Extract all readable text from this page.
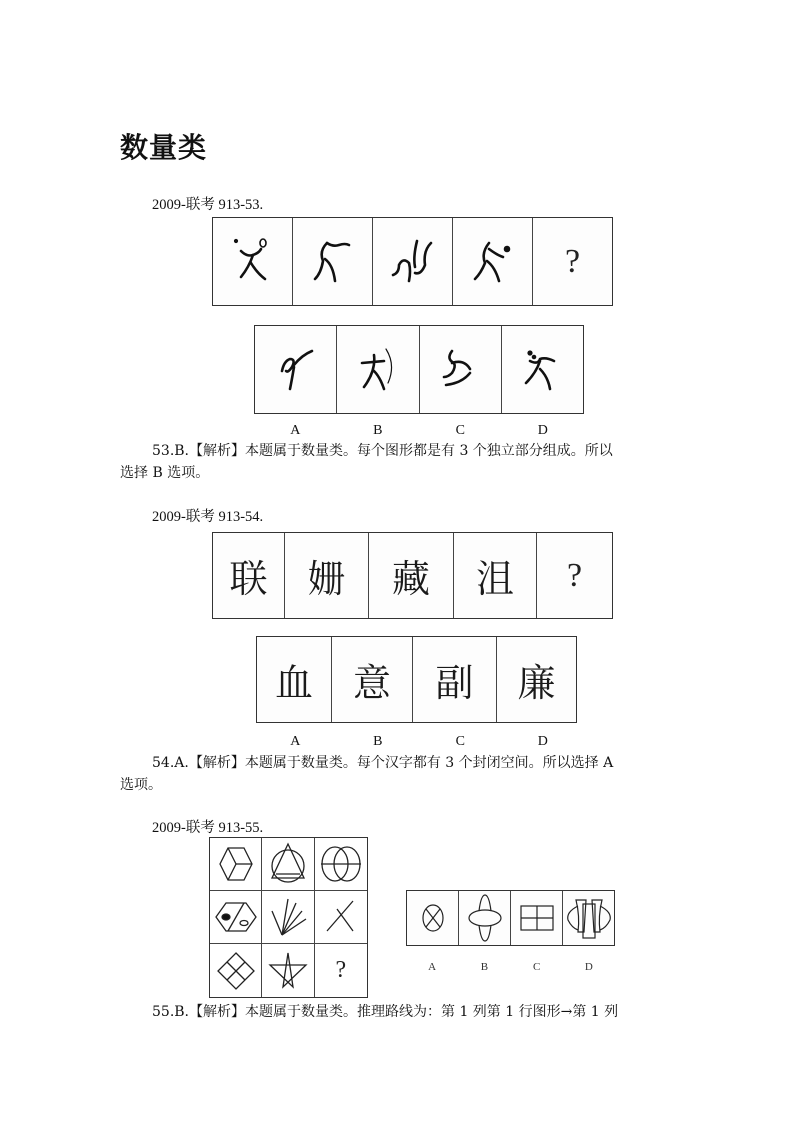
数量类
2009-联考 913-53.
?
A	B	C	D
53.B.【解析】本题属于数量类。每个图形都是有 3 个独立部分组成。所以
选择 B 选项。
2009-联考 913-54.
联	姗	藏	沮	?
血	意	副	廉
A	B	C	D
54.A.【解析】本题属于数量类。每个汉字都有 3 个封闭空间。所以选择 A
选项。
2009-联考 913-55.
?	A	B	C	D
55.B.【解析】本题属于数量类。推理路线为：第 1 列第 1 行图形→第 1 列
